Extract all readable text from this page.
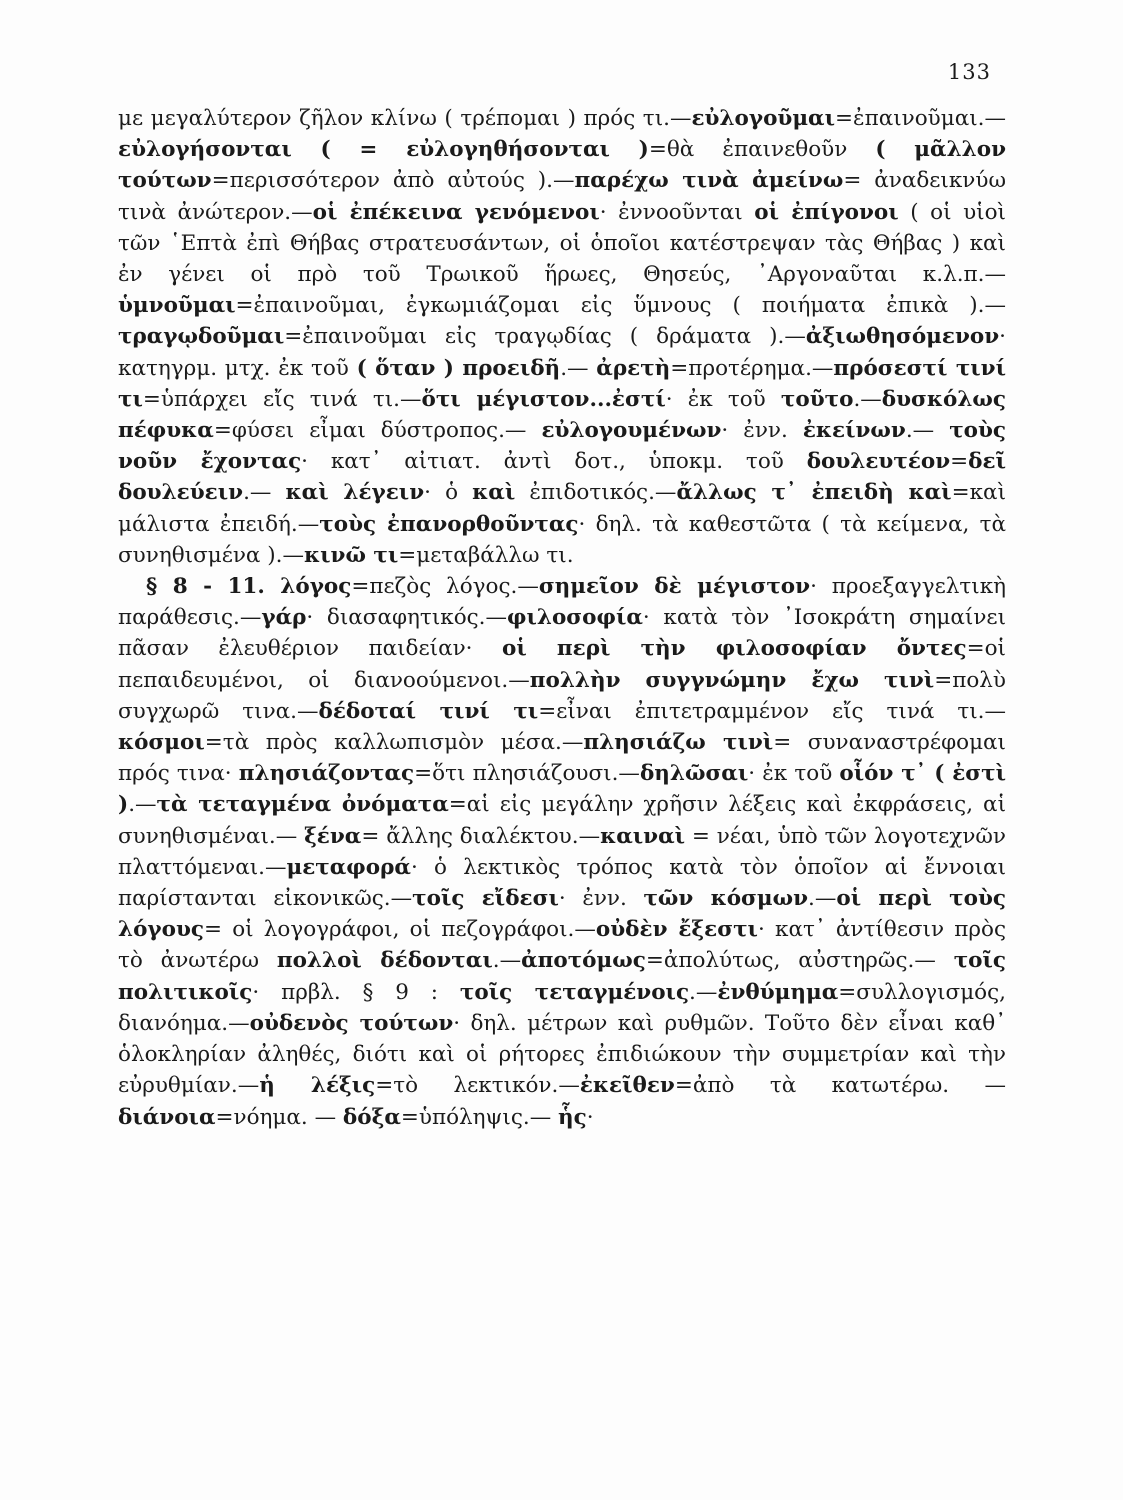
133

με μεγαλύτερον ζῆλον κλίνω ( τρέπομαι ) πρός τι.—εὐλογοῦμαι=ἐπαινοῦμαι.—εὐλογήσονται ( = εὐλογηθήσονται )=θὰ ἐπαινεθοῦν ( μᾶλλον τούτων=περισσότερον ἀπὸ αὐτούς ).—παρέχω τινὰ ἀμείνω= ἀναδεικνύω τινὰ ἀνώτερον.—οἱ ἐπέκεινα γενόμενοι· ἐννοοῦνται οἱ ἐπίγονοι ( οἱ υἱοὶ τῶν ῾Επτὰ ἐπὶ Θήβας στρατευσάντων, οἱ ὁποῖοι κατέστρεψαν τὰς Θήβας ) καὶ ἐν γένει οἱ πρὸ τοῦ Τρωικοῦ ἥρωες, Θησεύς, ᾿Αργοναῦται κ.λ.π.—ὑμνοῦμαι=ἐπαινοῦμαι, ἐγκωμιάζομαι εἰς ὕμνους ( ποιήματα ἐπικὰ ).—τραγῳδοῦμαι=ἐπαινοῦμαι εἰς τραγῳδίας ( δράματα ).—ἀξιωθησόμενον· κατηγρμ. μτχ. ἐκ τοῦ ( ὅταν ) προειδῆ.— ἀρετὴ=προτέρημα.—πρόσεστί τινί τι=ὑπάρχει εἴς τινά τι.—ὅτι μέγιστον...ἐστί· ἐκ τοῦ τοῦτο.—δυσκόλως πέφυκα=φύσει εἶμαι δύστροπος.— εὐλογουμένων· ἐνν. ἐκείνων.— τοὺς νοῦν ἔχοντας· κατ᾿ αἰτιατ. ἀντὶ δοτ., ὑποκμ. τοῦ δουλευτέον=δεῖ δουλεύειν.— καὶ λέγειν· ὁ καὶ ἐπιδοτικός.—ἄλλως τ᾿ ἐπειδὴ καὶ=καὶ μάλιστα ἐπειδή.—τοὺς ἐπανορθοῦντας· δηλ. τὰ καθεστῶτα ( τὰ κείμενα, τὰ συνηθισμένα ).—κινῶ τι=μεταβάλλω τι.

§ 8 - 11. λόγος=πεζὸς λόγος.—σημεῖον δὲ μέγιστον· προεξαγγελτικὴ παράθεσις.—γάρ· διασαφητικός.—φιλοσοφία· κατὰ τὸν ᾿Ισοκράτη σημαίνει πᾶσαν ἐλευθέριον παιδείαν· οἱ περὶ τὴν φιλοσοφίαν ὄντες=οἱ πεπαιδευμένοι, οἱ διανοούμενοι.—πολλὴν συγγνώμην ἔχω τινὶ=πολὺ συγχωρῶ τινα.—δέδοταί τινί τι=εἶναι ἐπιτετραμμένον εἴς τινά τι.—κόσμοι=τὰ πρὸς καλλωπισμὸν μέσα.—πλησιάζω τινὶ= συναναστρέφομαι πρός τινα· πλησιάζοντας=ὅτι πλησιάζουσι.—δηλῶσαι· ἐκ τοῦ οἷόν τ᾿ ( ἐστὶ ).—τὰ τεταγμένα ὀνόματα=αἱ εἰς μεγάλην χρῆσιν λέξεις καὶ ἐκφράσεις, αἱ συνηθισμέναι.— ξένα= ἄλλης διαλέκτου.—καιναὶ = νέαι, ὑπὸ τῶν λογοτεχνῶν πλαττόμεναι.—μεταφορά· ὁ λεκτικὸς τρόπος κατὰ τὸν ὁποῖον αἱ ἔννοιαι παρίστανται εἰκονικῶς.—τοῖς εἴδεσι· ἐνν. τῶν κόσμων.—οἱ περὶ τοὺς λόγους= οἱ λογογράφοι, οἱ πεζογράφοι.—οὐδὲν ἔξεστι· κατ᾿ ἀντίθεσιν πρὸς τὸ ἀνωτέρω πολλοὶ δέδονται.—ἀποτόμως=ἀπολύτως, αὐστηρῶς.— τοῖς πολιτικοῖς· πρβλ. § 9 : τοῖς τεταγμένοις.—ἐνθύμημα=συλλογισμός, διανόημα.—οὐδενὸς τούτων· δηλ. μέτρων καὶ ρυθμῶν. Τοῦτο δὲν εἶναι καθ᾿ ὁλοκληρίαν ἀληθές, διότι καὶ οἱ ρήτορες ἐπιδιώκουν τὴν συμμετρίαν καὶ τὴν εὐρυθμίαν.—ἡ λέξις=τὸ λεκτικόν.—ἐκεῖθεν=ἀπὸ τὰ κατωτέρω. — διάνοια=νόημα. — δόξα=ὑπόληψις.— ἧς·
